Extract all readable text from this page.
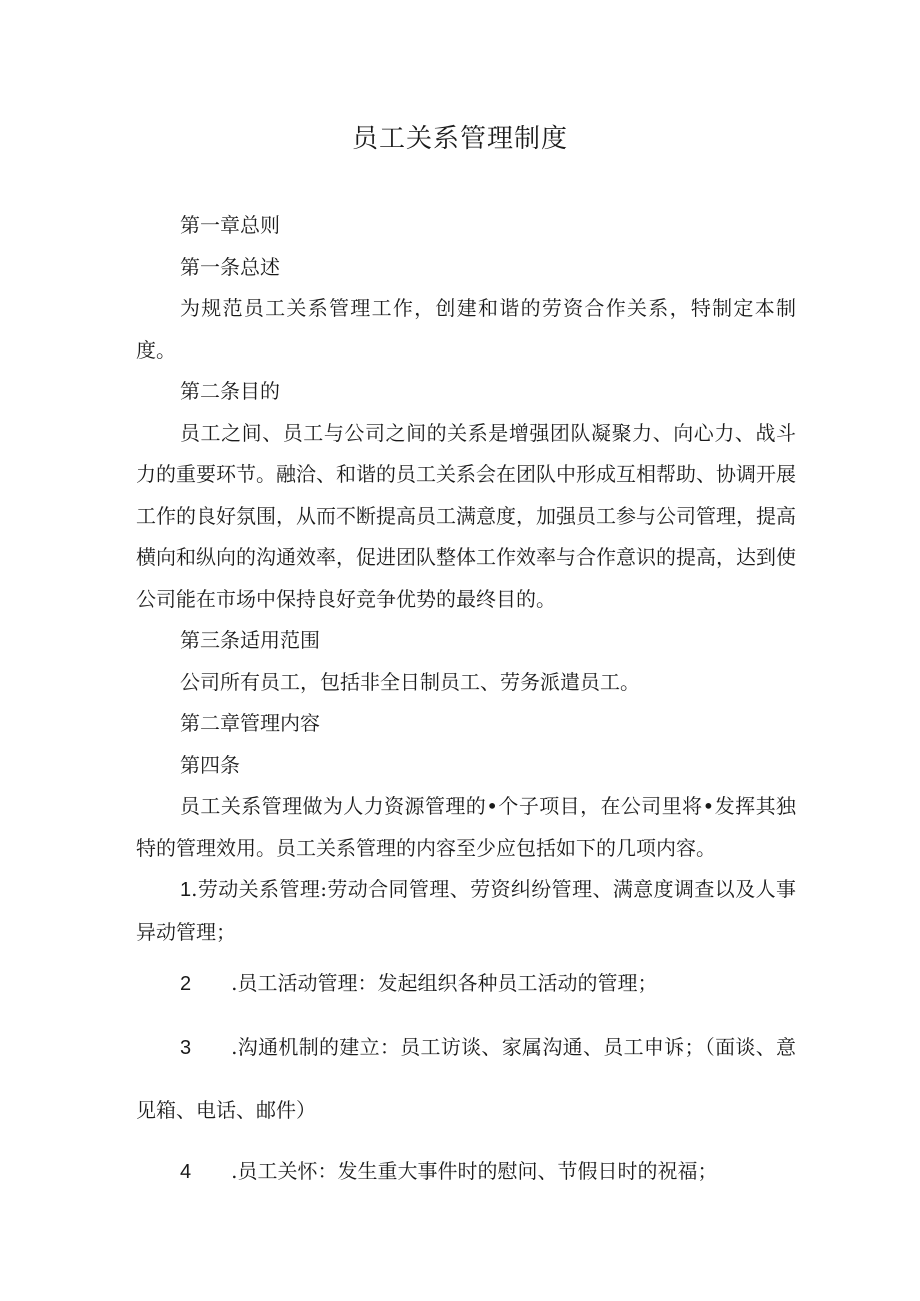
员工关系管理制度

第一章总则

第一条总述

为规范员工关系管理工作，创建和谐的劳资合作关系，特制定本制度。

第二条目的

员工之间、员工与公司之间的关系是增强团队凝聚力、向心力、战斗力的重要环节。融洽、和谐的员工关系会在团队中形成互相帮助、协调开展工作的良好氛围，从而不断提高员工满意度，加强员工参与公司管理，提高横向和纵向的沟通效率，促进团队整体工作效率与合作意识的提高，达到使公司能在市场中保持良好竞争优势的最终目的。

第三条适用范围

公司所有员工，包括非全日制员工、劳务派遣员工。

第二章管理内容

第四条

员工关系管理做为人力资源管理的•个子项目，在公司里将•发挥其独特的管理效用。员工关系管理的内容至少应包括如下的几项内容。

1.劳动关系管理:劳动合同管理、劳资纠纷管理、满意度调查以及人事异动管理；

2 .员工活动管理：发起组织各种员工活动的管理；

3 .沟通机制的建立：员工访谈、家属沟通、员工申诉；（面谈、意见箱、电话、邮件）

4 .员工关怀：发生重大事件时的慰问、节假日时的祝福；
